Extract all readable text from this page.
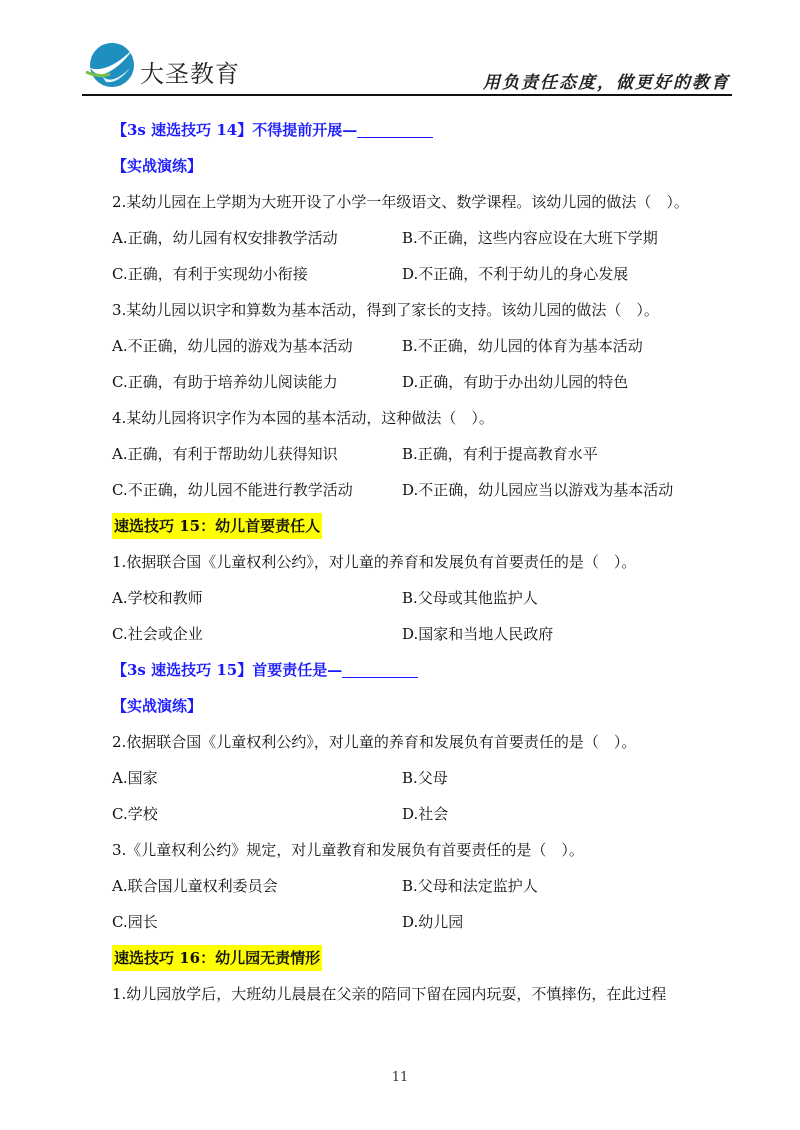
大圣教育	用负责任态度，做更好的教育
【3s 速选技巧 14】不得提前开展—
【实战演练】
2.某幼儿园在上学期为大班开设了小学一年级语文、数学课程。该幼儿园的做法（　）。
A.正确，幼儿园有权安排教学活动	B.不正确，这些内容应设在大班下学期
C.正确，有利于实现幼小衔接	D.不正确，不利于幼儿的身心发展
3.某幼儿园以识字和算数为基本活动，得到了家长的支持。该幼儿园的做法（　）。
A.不正确，幼儿园的游戏为基本活动	B.不正确，幼儿园的体育为基本活动
C.正确，有助于培养幼儿阅读能力	D.正确，有助于办出幼儿园的特色
4.某幼儿园将识字作为本园的基本活动，这种做法（　）。
A.正确，有利于帮助幼儿获得知识	B.正确，有利于提高教育水平
C.不正确，幼儿园不能进行教学活动	D.不正确，幼儿园应当以游戏为基本活动
速选技巧 15：幼儿首要责任人
1.依据联合国《儿童权利公约》，对儿童的养育和发展负有首要责任的是（　）。
A.学校和教师	B.父母或其他监护人
C.社会或企业	D.国家和当地人民政府
【3s 速选技巧 15】首要责任是—
【实战演练】
2.依据联合国《儿童权利公约》，对儿童的养育和发展负有首要责任的是（　）。
A.国家	B.父母
C.学校	D.社会
3.《儿童权利公约》规定，对儿童教育和发展负有首要责任的是（　）。
A.联合国儿童权利委员会	B.父母和法定监护人
C.园长	D.幼儿园
速选技巧 16：幼儿园无责情形
1.幼儿园放学后，大班幼儿晨晨在父亲的陪同下留在园内玩耍，不慎摔伤，在此过程
11
